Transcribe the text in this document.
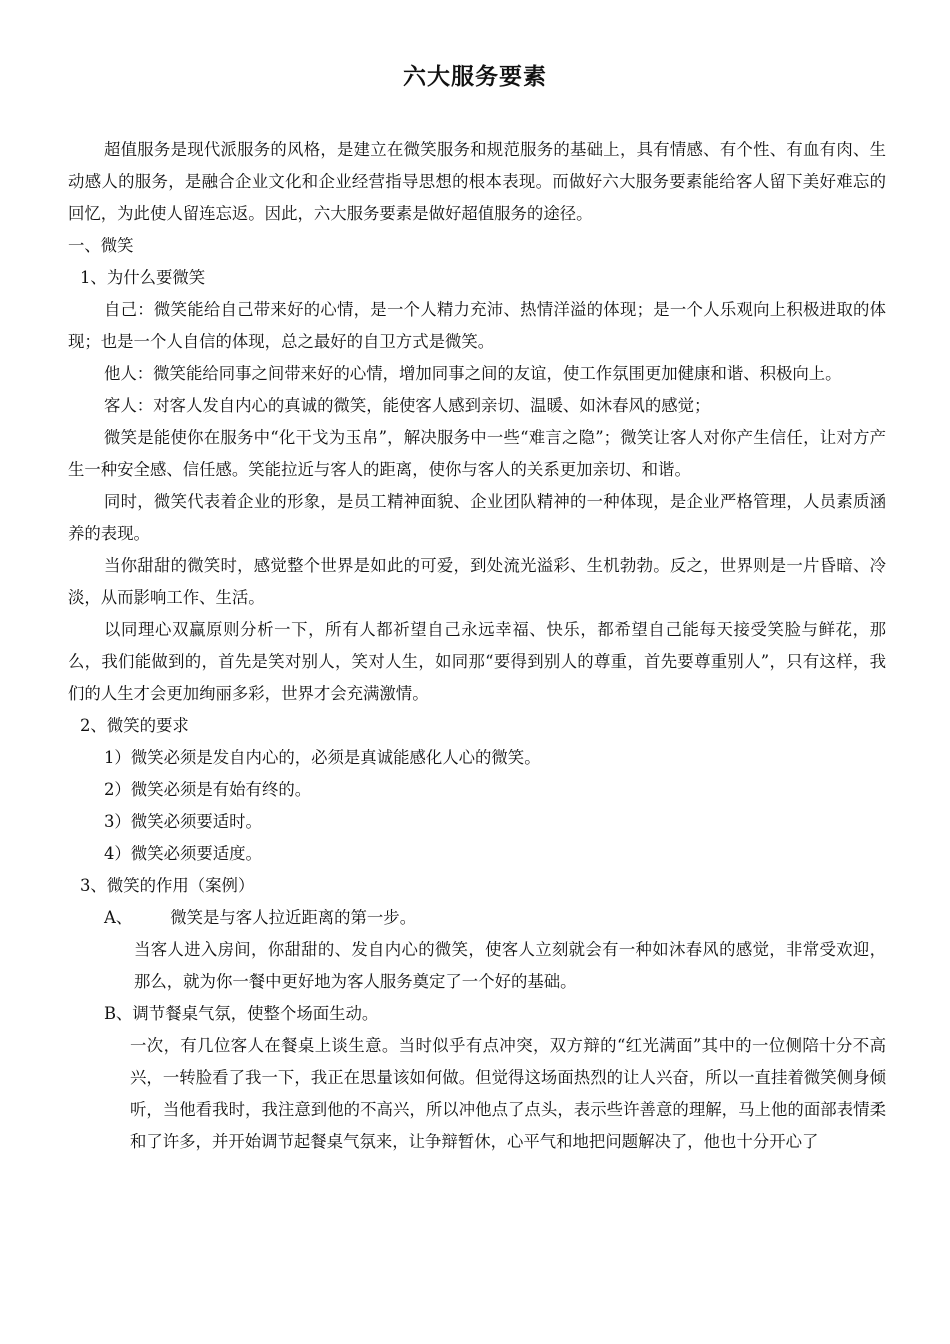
六大服务要素

超值服务是现代派服务的风格，是建立在微笑服务和规范服务的基础上，具有情感、有个性、有血有肉、生动感人的服务，是融合企业文化和企业经营指导思想的根本表现。而做好六大服务要素能给客人留下美好难忘的回忆，为此使人留连忘返。因此，六大服务要素是做好超值服务的途径。

一、微笑

1、为什么要微笑

自己：微笑能给自己带来好的心情，是一个人精力充沛、热情洋溢的体现；是一个人乐观向上积极进取的体现；也是一个人自信的体现，总之最好的自卫方式是微笑。

他人：微笑能给同事之间带来好的心情，增加同事之间的友谊，使工作氛围更加健康和谐、积极向上。

客人：对客人发自内心的真诚的微笑，能使客人感到亲切、温暖、如沐春风的感觉；

微笑是能使你在服务中“化干戈为玉帛”，解决服务中一些“难言之隐”；微笑让客人对你产生信任，让对方产生一种安全感、信任感。笑能拉近与客人的距离，使你与客人的关系更加亲切、和谐。

同时，微笑代表着企业的形象，是员工精神面貌、企业团队精神的一种体现，是企业严格管理，人员素质涵养的表现。

当你甜甜的微笑时，感觉整个世界是如此的可爱，到处流光溢彩、生机勃勃。反之，世界则是一片昏暗、冷淡，从而影响工作、生活。

以同理心双赢原则分析一下，所有人都祈望自己永远幸福、快乐，都希望自己能每天接受笑脸与鲜花，那么，我们能做到的，首先是笑对别人，笑对人生，如同那“要得到别人的尊重，首先要尊重别人”，只有这样，我们的人生才会更加绚丽多彩，世界才会充满激情。

2、微笑的要求

1）微笑必须是发自内心的，必须是真诚能感化人心的微笑。

2）微笑必须是有始有终的。

3）微笑必须要适时。

4）微笑必须要适度。

3、微笑的作用（案例）

A、 微笑是与客人拉近距离的第一步。

当客人进入房间，你甜甜的、发自内心的微笑，使客人立刻就会有一种如沐春风的感觉，非常受欢迎，那么，就为你一餐中更好地为客人服务奠定了一个好的基础。

B、调节餐桌气氛，使整个场面生动。

一次，有几位客人在餐桌上谈生意。当时似乎有点冲突，双方辩的“红光满面”其中的一位侧陪十分不高兴，一转脸看了我一下，我正在思量该如何做。但觉得这场面热烈的让人兴奋，所以一直挂着微笑侧身倾听，当他看我时，我注意到他的不高兴，所以冲他点了点头，表示些许善意的理解，马上他的面部表情柔和了许多，并开始调节起餐桌气氛来，让争辩暂休，心平气和地把问题解决了，他也十分开心了
